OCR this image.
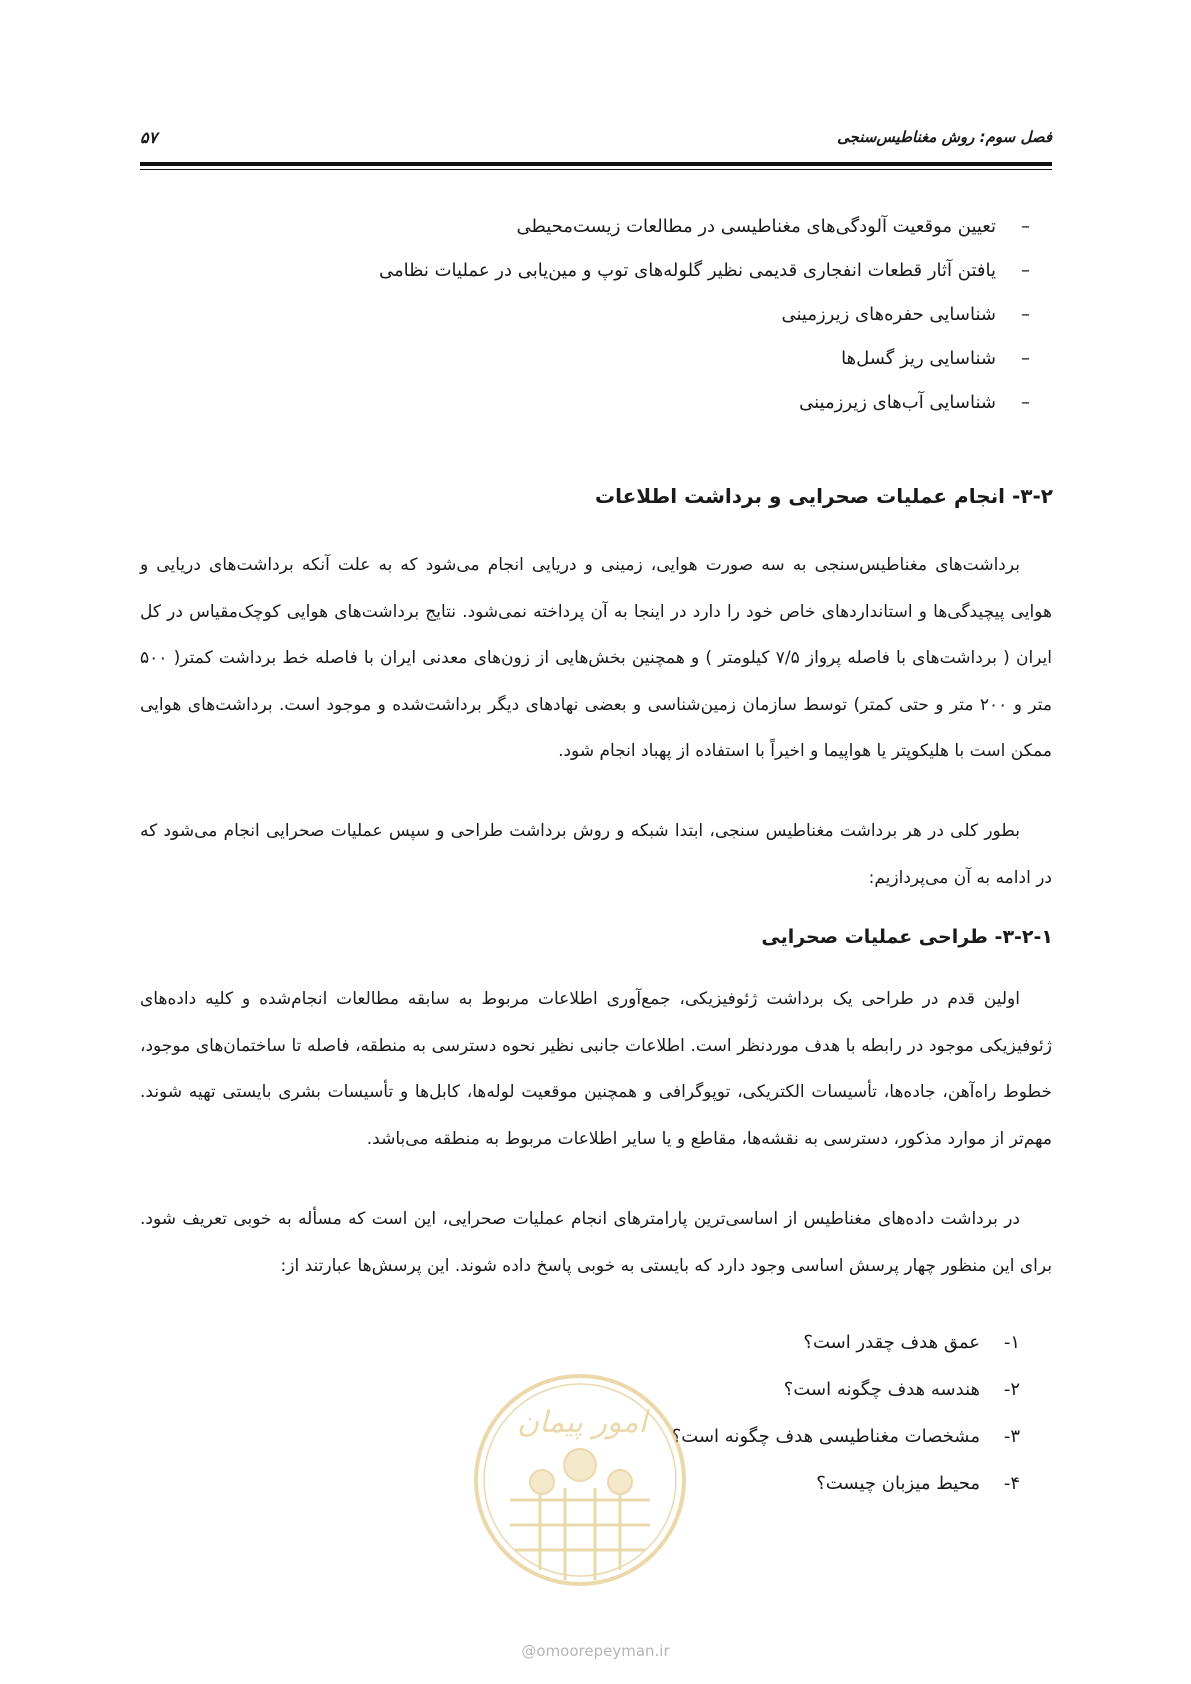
فصل سوم: روش مغناطیس‌سنجی
۵۷
–تعیین موقعیت آلودگی‌های مغناطیسی در مطالعات زیست‌محیطی
–یافتن آثار قطعات انفجاری قدیمی نظیر گلوله‌های توپ و مین‌یابی در عملیات نظامی
–شناسایی حفره‌های زیرزمینی
–شناسایی ریز گسل‌ها
–شناسایی آب‌های زیرزمینی
۳-۲- انجام عملیات صحرایی و برداشت اطلاعات

برداشت‌های مغناطیس‌سنجی به سه صورت هوایی، زمینی و دریایی انجام می‌شود که به علت آنکه برداشت‌های دریایی و هوایی پیچیدگی‌ها و استانداردهای خاص خود را دارد در اینجا به آن پرداخته نمی‌شود. نتایج برداشت‌های هوایی کوچک‌مقیاس در کل ایران ( برداشت‌های با فاصله پرواز ۷/۵ کیلومتر ) و همچنین بخش‌هایی از زون‌های معدنی ایران با فاصله خط برداشت کمتر( ۵۰۰ متر و ۲۰۰ متر و حتی کمتر) توسط سازمان زمین‌شناسی و بعضی نهادهای دیگر برداشت‌شده و موجود است. برداشت‌های هوایی ممکن است با هلیکوپتر یا هواپیما و اخیراً با استفاده از پهباد انجام شود.

بطور کلی در هر برداشت مغناطیس سنجی، ابتدا شبکه و روش برداشت طراحی و سپس عملیات صحرایی انجام می‌شود که در ادامه به آن می‌پردازیم:

۳-۲-۱- طراحی عملیات صحرایی

اولین قدم در طراحی یک برداشت ژئوفیزیکی، جمع‌آوری اطلاعات مربوط به سابقه مطالعات انجام‌شده و کلیه داده‌های ژئوفیزیکی موجود در رابطه با هدف موردنظر است. اطلاعات جانبی نظیر نحوه دسترسی به منطقه، فاصله تا ساختمان‌های موجود، خطوط راه‌آهن، جاده‌ها، تأسیسات الکتریکی، توپوگرافی و همچنین موقعیت لوله‌ها، کابل‌ها و تأسیسات بشری بایستی تهیه شوند. مهم‌تر از موارد مذکور، دسترسی به نقشه‌ها، مقاطع و یا سایر اطلاعات مربوط به منطقه می‌باشد.

در برداشت داده‌های مغناطیس از اساسی‌ترین پارامترهای انجام عملیات صحرایی، این است که مسأله به خوبی تعریف شود. برای این منظور چهار پرسش اساسی وجود دارد که بایستی به خوبی پاسخ داده شوند. این پرسش‌ها عبارتند از:

۱-عمق هدف چقدر است؟
۲-هندسه هدف چگونه است؟
۳-مشخصات مغناطیسی هدف چگونه است؟
۴-محیط میزبان چیست؟
امور پیمان
@omoorepeyman.ir
